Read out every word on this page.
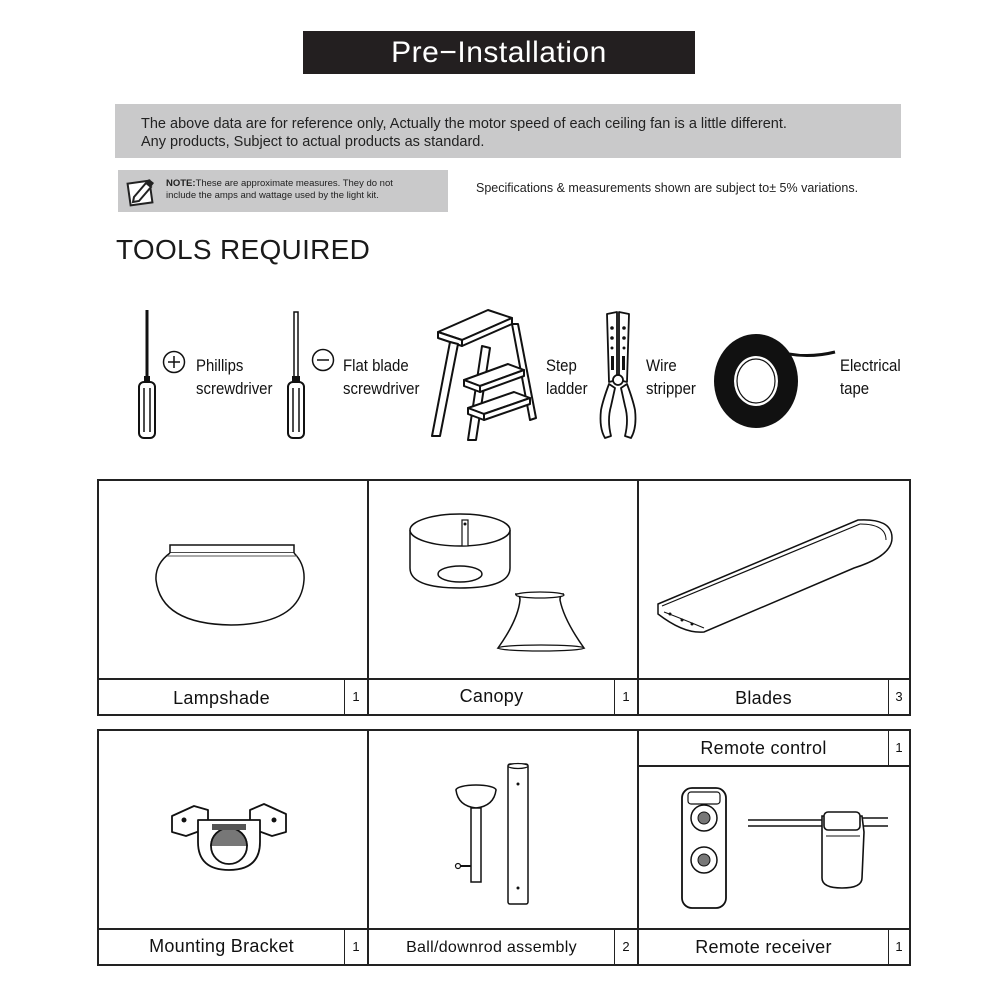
Pre−Installation
The above data are for reference only, Actually the motor speed of each ceiling fan is a little different.
Any products, Subject to actual products as standard.
NOTE:These are approximate measures. They do not
include the amps and wattage used by the light kit.
Specifications & measurements shown are subject to± 5% variations.
TOOLS REQUIRED
Phillips
screwdriver
Flat blade
screwdriver
Step
ladder
Wire
stripper
Electrical
tape
Lampshade	1	Canopy	1	Blades	3
Mounting Bracket	1	Ball/downrod assembly	2
Remote control	1
Remote receiver	1
